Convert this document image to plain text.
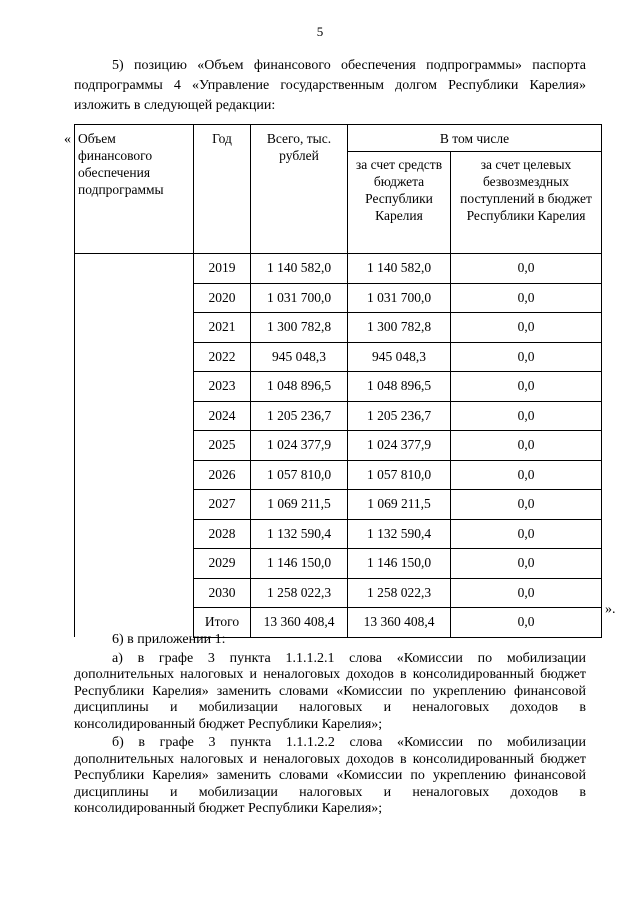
5
5) позицию «Объем финансового обеспечения подпрограммы» паспорта подпрограммы 4 «Управление государственным долгом Республики Карелия» изложить в следующей редакции:
« Объем финансового обеспечения подпрограммы	Год	Всего, тыс. рублей	В том числе	
			за счет средств бюджета Республики Карелия	за счет целевых безвозмездных поступлений в бюджет Республики Карелия
	2019	1 140 582,0	1 140 582,0	0,0
	2020	1 031 700,0	1 031 700,0	0,0
	2021	1 300 782,8	1 300 782,8	0,0
	2022	945 048,3	945 048,3	0,0
	2023	1 048 896,5	1 048 896,5	0,0
	2024	1 205 236,7	1 205 236,7	0,0
	2025	1 024 377,9	1 024 377,9	0,0
	2026	1 057 810,0	1 057 810,0	0,0
	2027	1 069 211,5	1 069 211,5	0,0
	2028	1 132 590,4	1 132 590,4	0,0
	2029	1 146 150,0	1 146 150,0	0,0
	2030	1 258 022,3	1 258 022,3	0,0
	Итого	13 360 408,4	13 360 408,4	0,0
».

6) в приложении 1:

а) в графе 3 пункта 1.1.1.2.1 слова «Комиссии по мобилизации дополнительных налоговых и неналоговых доходов в консолидированный бюджет Республики Карелия» заменить словами «Комиссии по укреплению финансовой дисциплины и мобилизации налоговых и неналоговых доходов в консолидированный бюджет Республики Карелия»;

б) в графе 3 пункта 1.1.1.2.2 слова «Комиссии по мобилизации дополнительных налоговых и неналоговых доходов в консолидированный бюджет Республики Карелия» заменить словами «Комиссии по укреплению финансовой дисциплины и мобилизации налоговых и неналоговых доходов в консолидированный бюджет Республики Карелия»;
